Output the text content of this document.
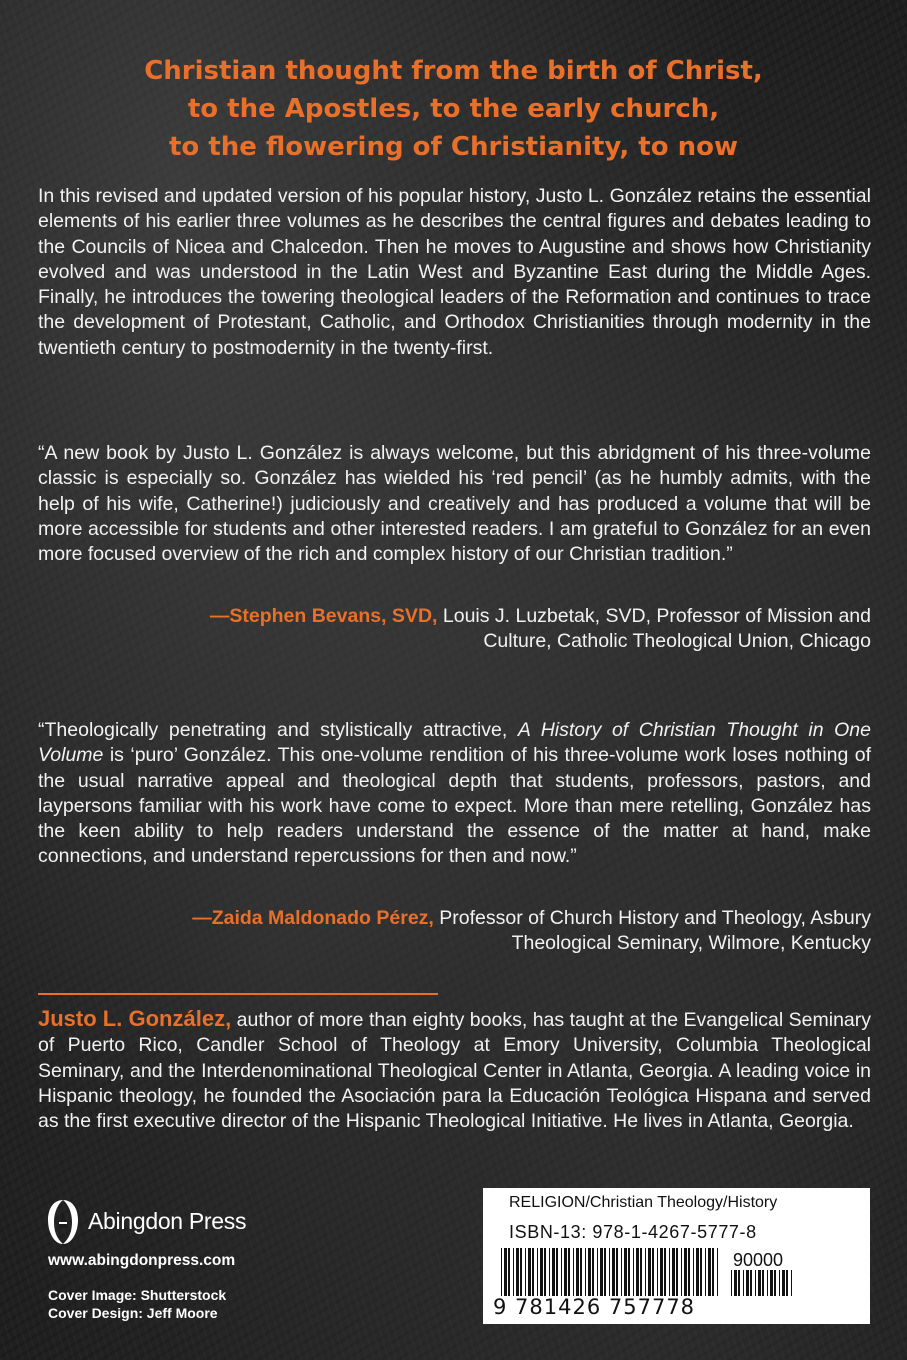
Christian thought from the birth of Christ,
to the Apostles, to the early church,
to the flowering of Christianity, to now
In this revised and updated version of his popular history, Justo L. González retains the essential elements of his earlier three volumes as he describes the central figures and debates leading to the Councils of Nicea and Chalcedon. Then he moves to Augustine and shows how Christianity evolved and was understood in the Latin West and Byzantine East during the Middle Ages. Finally, he introduces the towering theological leaders of the Reformation and continues to trace the development of Protestant, Catholic, and Orthodox Christianities through modernity in the twentieth century to postmodernity in the twenty-first.
“A new book by Justo L. González is always welcome, but this abridgment of his three-volume classic is especially so. González has wielded his ‘red pencil’ (as he humbly admits, with the help of his wife, Catherine!) judiciously and creatively and has produced a volume that will be more accessible for students and other interested readers. I am grateful to González for an even more focused overview of the rich and complex history of our Christian tradition.”
—Stephen Bevans, SVD, Louis J. Luzbetak, SVD, Professor of Mission and Culture, Catholic Theological Union, Chicago
“Theologically penetrating and stylistically attractive, A History of Christian Thought in One Volume is ‘puro’ González. This one-volume rendition of his three-volume work loses nothing of the usual narrative appeal and theological depth that students, professors, pastors, and laypersons familiar with his work have come to expect. More than mere retelling, González has the keen ability to help readers understand the essence of the matter at hand, make connections, and understand repercussions for then and now.”
—Zaida Maldonado Pérez, Professor of Church History and Theology, Asbury Theological Seminary, Wilmore, Kentucky
Justo L. González, author of more than eighty books, has taught at the Evangelical Seminary of Puerto Rico, Candler School of Theology at Emory University, Columbia Theological Seminary, and the Interdenominational Theological Center in Atlanta, Georgia. A leading voice in Hispanic theology, he founded the Asociación para la Educación Teológica Hispana and served as the first executive director of the Hispanic Theological Initiative. He lives in Atlanta, Georgia.
Abingdon Press
www.abingdonpress.com
Cover Image: Shutterstock
Cover Design: Jeff Moore
RELIGION/Christian Theology/History
ISBN-13: 978-1-4267-5777-8
90000
9 781426 757778
